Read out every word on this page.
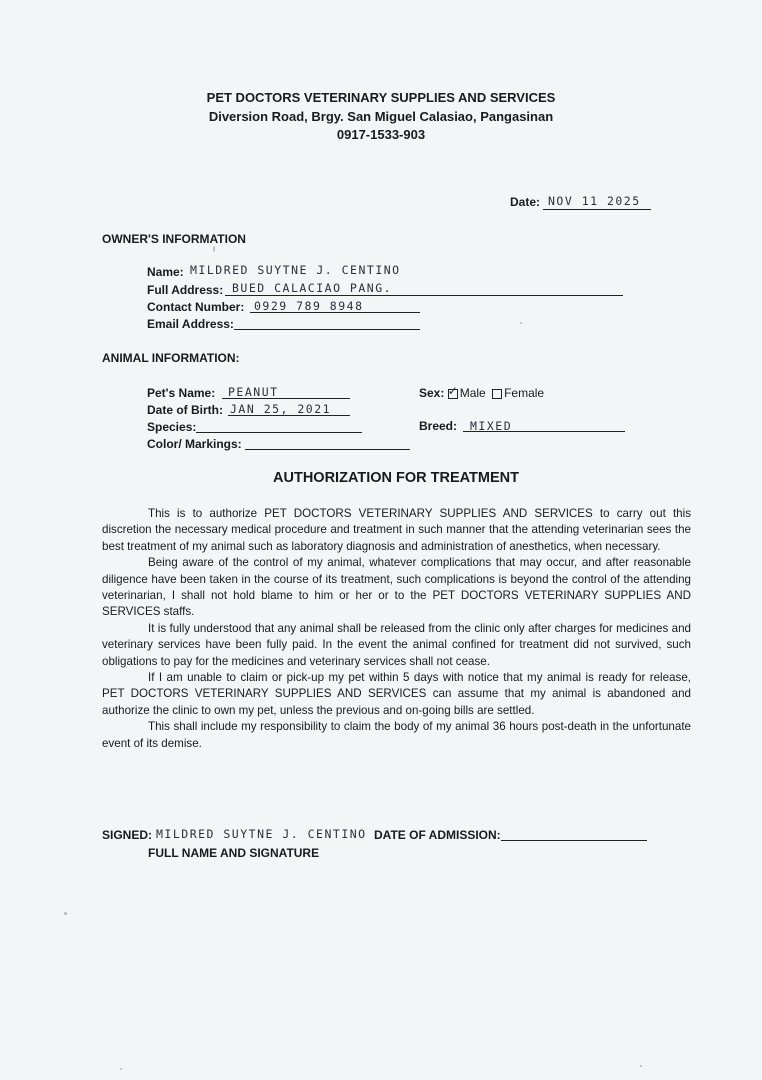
PET DOCTORS VETERINARY SUPPLIES AND SERVICES
Diversion Road, Brgy. San Miguel Calasiao, Pangasinan
0917-1533-903
Date: NOV 11 2025
OWNER'S INFORMATION
Name: MILDRED SUYTNE J. CENTINO
Full Address: BUED CALACIAO PANG.
Contact Number: 0929 789 8948
Email Address:
ANIMAL INFORMATION:
Pet's Name: PEANUT
Date of Birth: JAN 25, 2021
Species:
Color/ Markings:
Sex: ✓ Male Female
Breed: MIXED
AUTHORIZATION FOR TREATMENT

This is to authorize PET DOCTORS VETERINARY SUPPLIES AND SERVICES to carry out this discretion the necessary medical procedure and treatment in such manner that the attending veterinarian sees the best treatment of my animal such as laboratory diagnosis and administration of anesthetics, when necessary.

Being aware of the control of my animal, whatever complications that may occur, and after reasonable diligence have been taken in the course of its treatment, such complications is beyond the control of the attending veterinarian, I shall not hold blame to him or her or to the PET DOCTORS VETERINARY SUPPLIES AND SERVICES staffs.

It is fully understood that any animal shall be released from the clinic only after charges for medicines and veterinary services have been fully paid. In the event the animal confined for treatment did not survived, such obligations to pay for the medicines and veterinary services shall not cease.

If I am unable to claim or pick-up my pet within 5 days with notice that my animal is ready for release, PET DOCTORS VETERINARY SUPPLIES AND SERVICES can assume that my animal is abandoned and authorize the clinic to own my pet, unless the previous and on-going bills are settled.

This shall include my responsibility to claim the body of my animal 36 hours post-death in the unfortunate event of its demise.

SIGNED: MILDRED SUYTNE J. CENTINO DATE OF ADMISSION:
FULL NAME AND SIGNATURE
